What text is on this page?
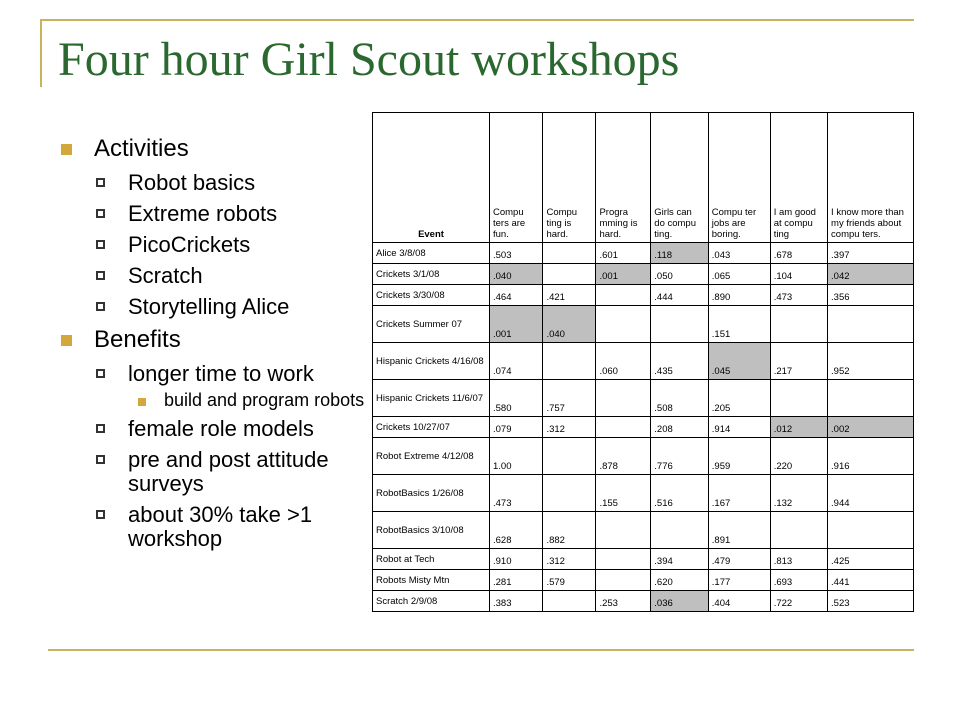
Four hour Girl Scout workshops
Activities
Robot basics
Extreme robots
PicoCrickets
Scratch
Storytelling Alice
Benefits
longer time to work
build and program robots
female role models
pre and post attitude surveys
about 30% take >1 workshop
Event	Compu ters are fun.	Compu ting is hard.	Progra mming is hard.	Girls can do compu ting.	Compu ter jobs are boring.	I am good at compu ting	I know more than my friends about compu ters.
Alice 3/8/08	.503		.601	.118	.043	.678	.397
Crickets 3/1/08	.040		.001	.050	.065	.104	.042
Crickets 3/30/08	.464	.421		.444	.890	.473	.356
Crickets Summer 07	.001	.040			.151		
Hispanic Crickets 4/16/08	.074		.060	.435	.045	.217	.952
Hispanic Crickets 11/6/07	.580	.757		.508	.205		
Crickets 10/27/07	.079	.312		.208	.914	.012	.002
Robot Extreme 4/12/08	1.00		.878	.776	.959	.220	.916
RobotBasics 1/26/08	.473		.155	.516	.167	.132	.944
RobotBasics 3/10/08	.628	.882			.891		
Robot at Tech	.910	.312		.394	.479	.813	.425
Robots Misty Mtn	.281	.579		.620	.177	.693	.441
Scratch 2/9/08	.383		.253	.036	.404	.722	.523
